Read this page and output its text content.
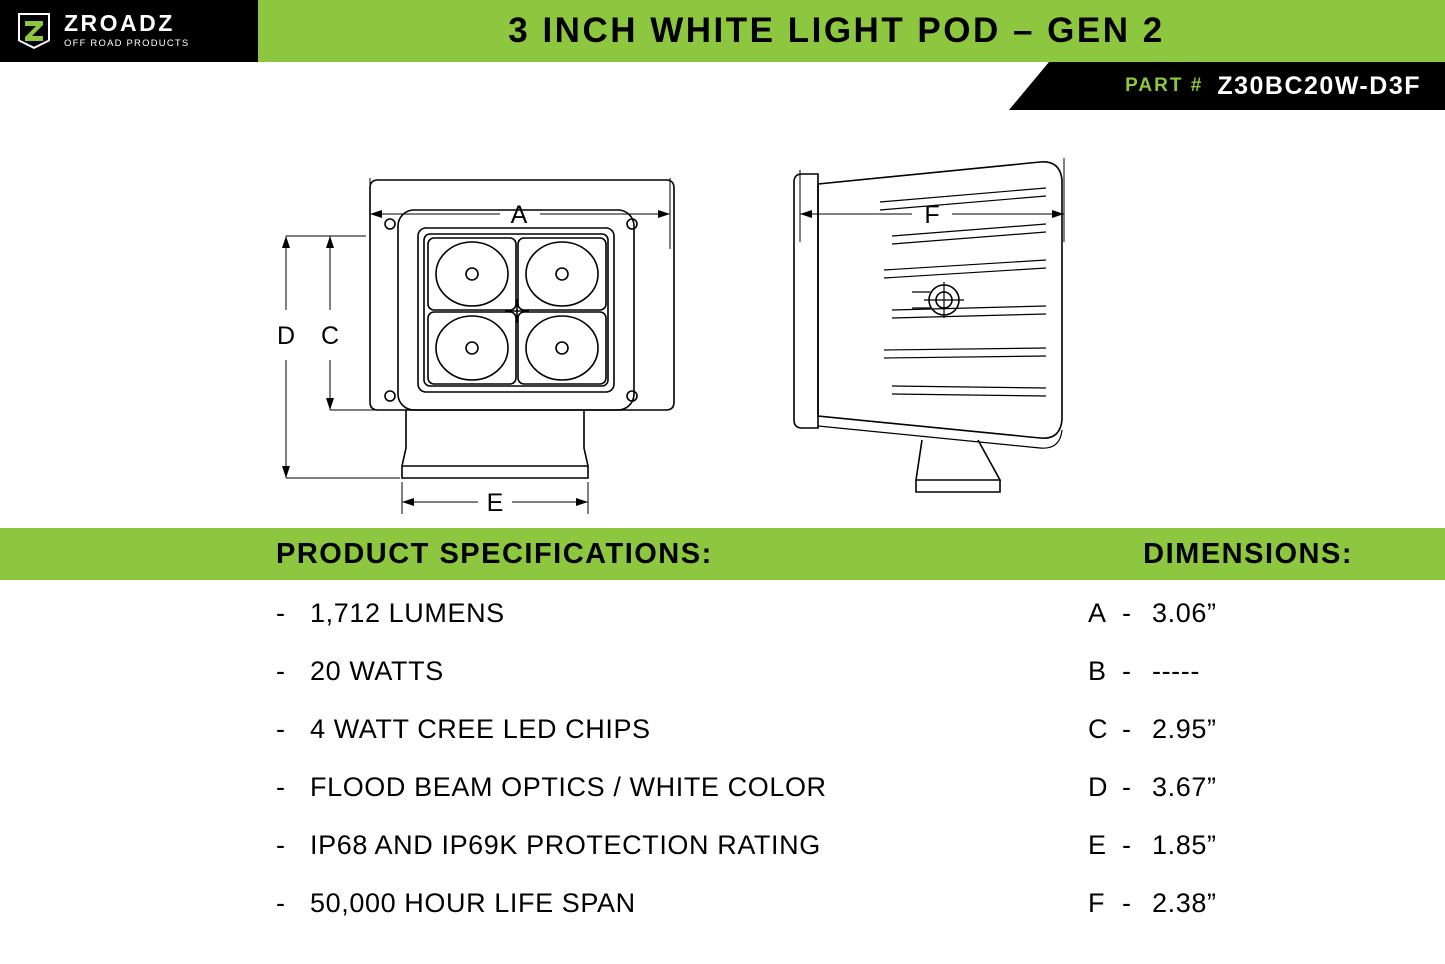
ZROADZ
OFF ROAD PRODUCTS	3 INCH WHITE LIGHT POD – GEN 2
PART # Z30BC20W-D3F
A
D C
E
F
PRODUCT SPECIFICATIONS:	DIMENSIONS:
- 1,712 LUMENS
- 20 WATTS
- 4 WATT CREE LED CHIPS
- FLOOD BEAM OPTICS / WHITE COLOR
- IP68 AND IP69K PROTECTION RATING
- 50,000 HOUR LIFE SPAN
A - 3.06”
B - -----
C - 2.95”
D - 3.67”
E - 1.85”
F - 2.38”
